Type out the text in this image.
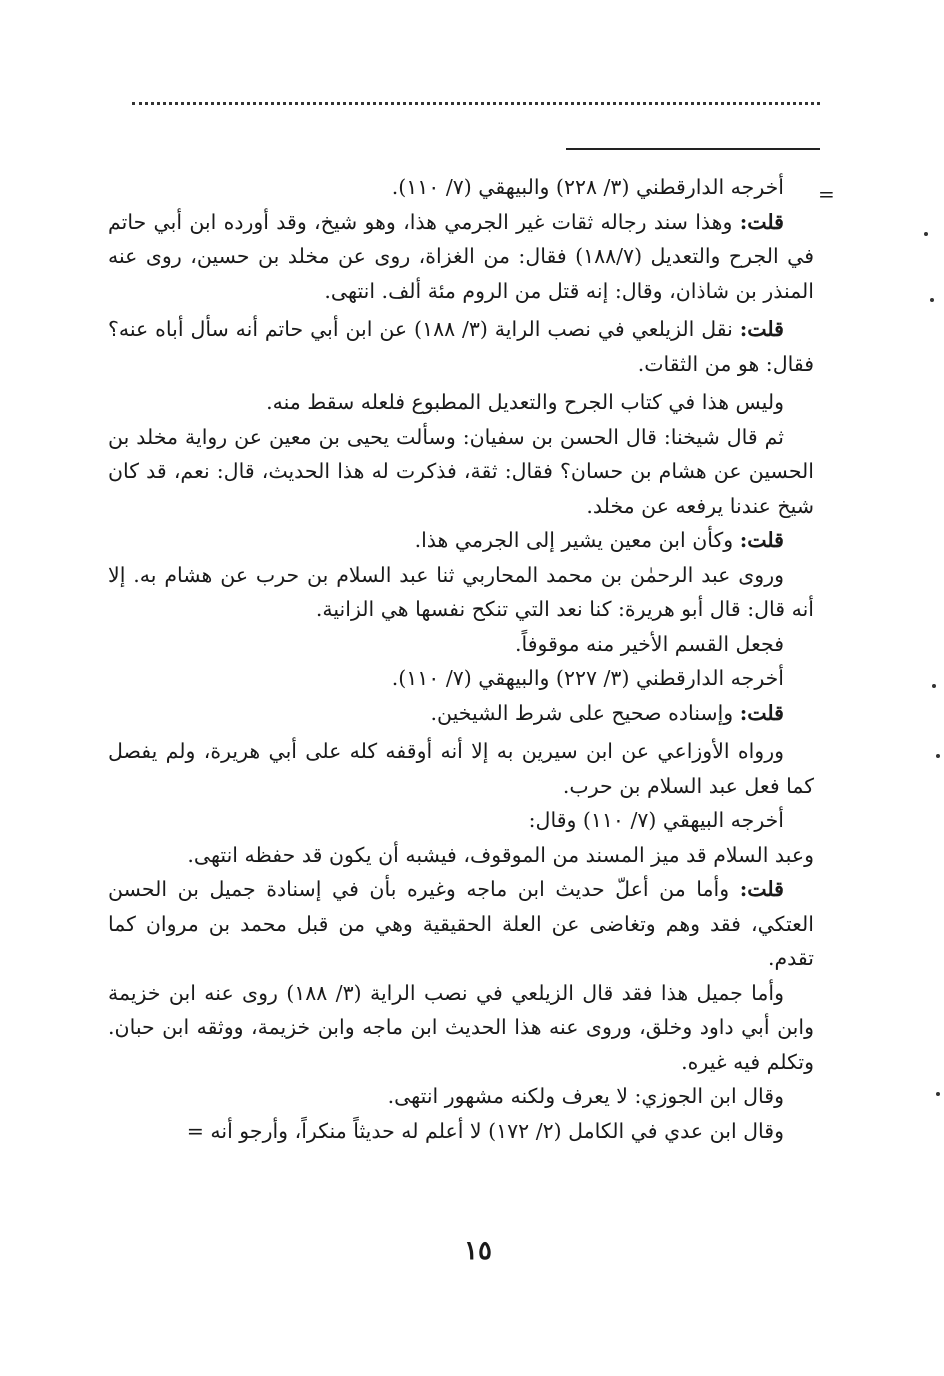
=

أخرجه الدارقطني (٣/ ٢٢٨) والبيهقي (٧/ ١١٠).

قلت: وهذا سند رجاله ثقات غير الجرمي هذا، وهو شيخ، وقد أورده ابن أبي حاتم في الجرح والتعديل (١٨٨/٧) فقال: من الغزاة، روى عن مخلد بن حسين، روى عنه المنذر بن شاذان، وقال: إنه قتل من الروم مئة ألف. انتهى.

قلت: نقل الزيلعي في نصب الراية (٣/ ١٨٨) عن ابن أبي حاتم أنه سأل أباه عنه؟ فقال: هو من الثقات.

وليس هذا في كتاب الجرح والتعديل المطبوع فلعله سقط منه.

ثم قال شيخنا: قال الحسن بن سفيان: وسألت يحيى بن معين عن رواية مخلد بن الحسين عن هشام بن حسان؟ فقال: ثقة، فذكرت له هذا الحديث، قال: نعم، قد كان شيخ عندنا يرفعه عن مخلد.

قلت: وكأن ابن معين يشير إلى الجرمي هذا.

وروى عبد الرحمٰن بن محمد المحاربي ثنا عبد السلام بن حرب عن هشام به. إلا أنه قال: قال أبو هريرة: كنا نعد التي تنكح نفسها هي الزانية.

فجعل القسم الأخير منه موقوفاً.

أخرجه الدارقطني (٣/ ٢٢٧) والبيهقي (٧/ ١١٠).

قلت: وإسناده صحيح على شرط الشيخين.

ورواه الأوزاعي عن ابن سيرين به إلا أنه أوقفه كله على أبي هريرة، ولم يفصل كما فعل عبد السلام بن حرب.

أخرجه البيهقي (٧/ ١١٠) وقال:

وعبد السلام قد ميز المسند من الموقوف، فيشبه أن يكون قد حفظه انتهى.

قلت: وأما من أعلّ حديث ابن ماجه وغيره بأن في إسنادة جميل بن الحسن العتكي، فقد وهم وتغاضى عن العلة الحقيقية وهي من قبل محمد بن مروان كما تقدم.

وأما جميل هذا فقد قال الزيلعي في نصب الراية (٣/ ١٨٨) روى عنه ابن خزيمة وابن أبي داود وخلق، وروى عنه هذا الحديث ابن ماجه وابن خزيمة، ووثقه ابن حبان. وتكلم فيه غيره.

وقال ابن الجوزي: لا يعرف ولكنه مشهور انتهى.

وقال ابن عدي في الكامل (٢/ ١٧٢) لا أعلم له حديثاً منكراً، وأرجو أنه =

١٥
